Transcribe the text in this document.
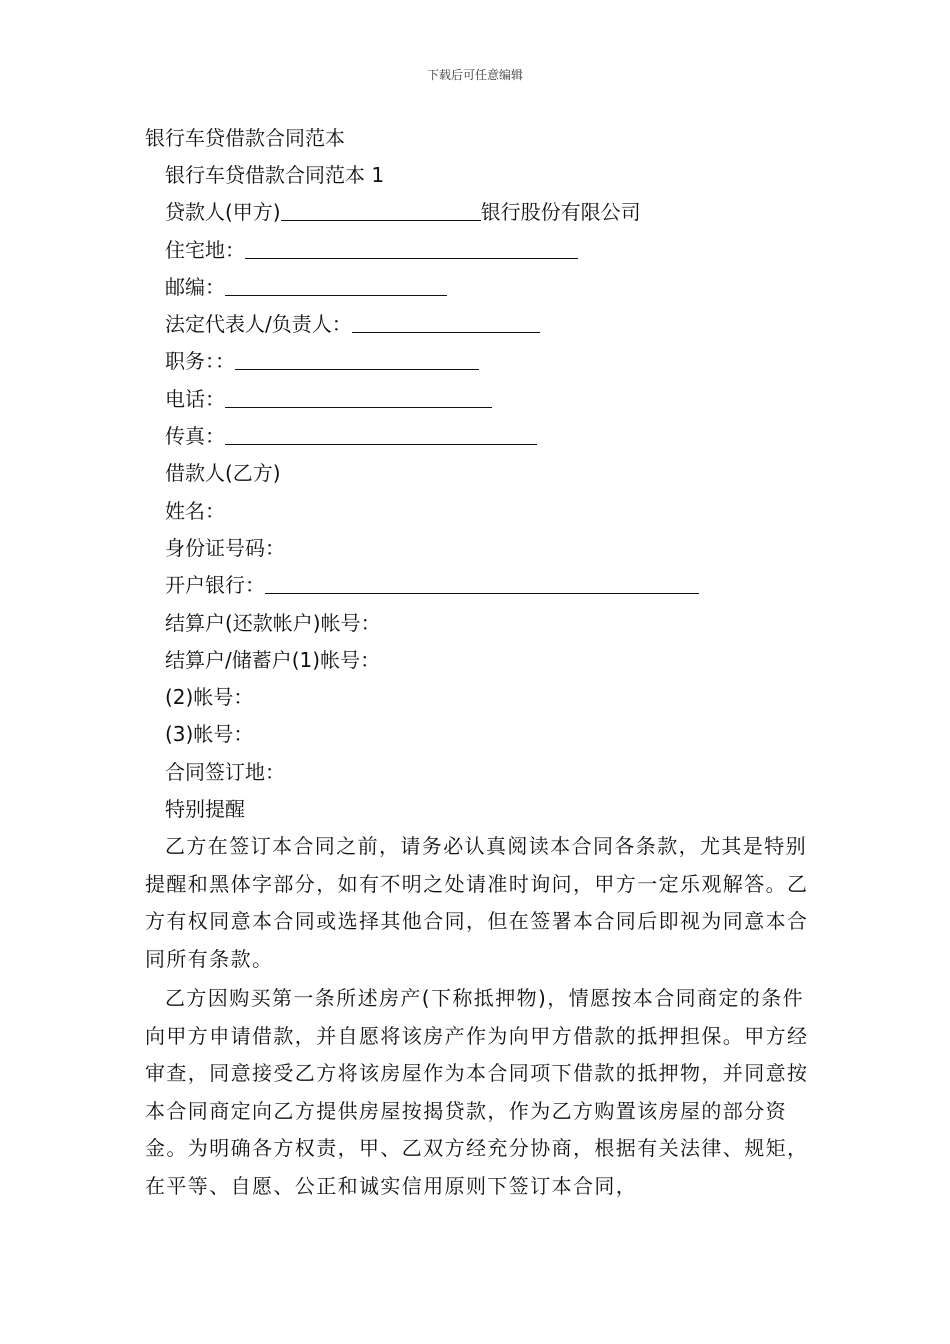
下载后可任意编辑
银行车贷借款合同范本
银行车贷借款合同范本 1
贷款人(甲方)	银行股份有限公司
住宅地：
邮编：
法定代表人/负责人：
职务：：
电话：
传真：
借款人(乙方)
姓名：
身份证号码：
开户银行：
结算户(还款帐户)帐号：
结算户/储蓄户(1)帐号：
(2)帐号：
(3)帐号：
合同签订地：
特别提醒

乙方在签订本合同之前，请务必认真阅读本合同各条款，尤其是特别提醒和黑体字部分，如有不明之处请准时询问，甲方一定乐观解答。乙方有权同意本合同或选择其他合同，但在签署本合同后即视为同意本合同所有条款。

乙方因购买第一条所述房产(下称抵押物)，情愿按本合同商定的条件向甲方申请借款，并自愿将该房产作为向甲方借款的抵押担保。甲方经审查，同意接受乙方将该房屋作为本合同项下借款的抵押物，并同意按本合同商定向乙方提供房屋按揭贷款，作为乙方购置该房屋的部分资金。为明确各方权责，甲、乙双方经充分协商，根据有关法律、规矩，在平等、自愿、公正和诚实信用原则下签订本合同，
